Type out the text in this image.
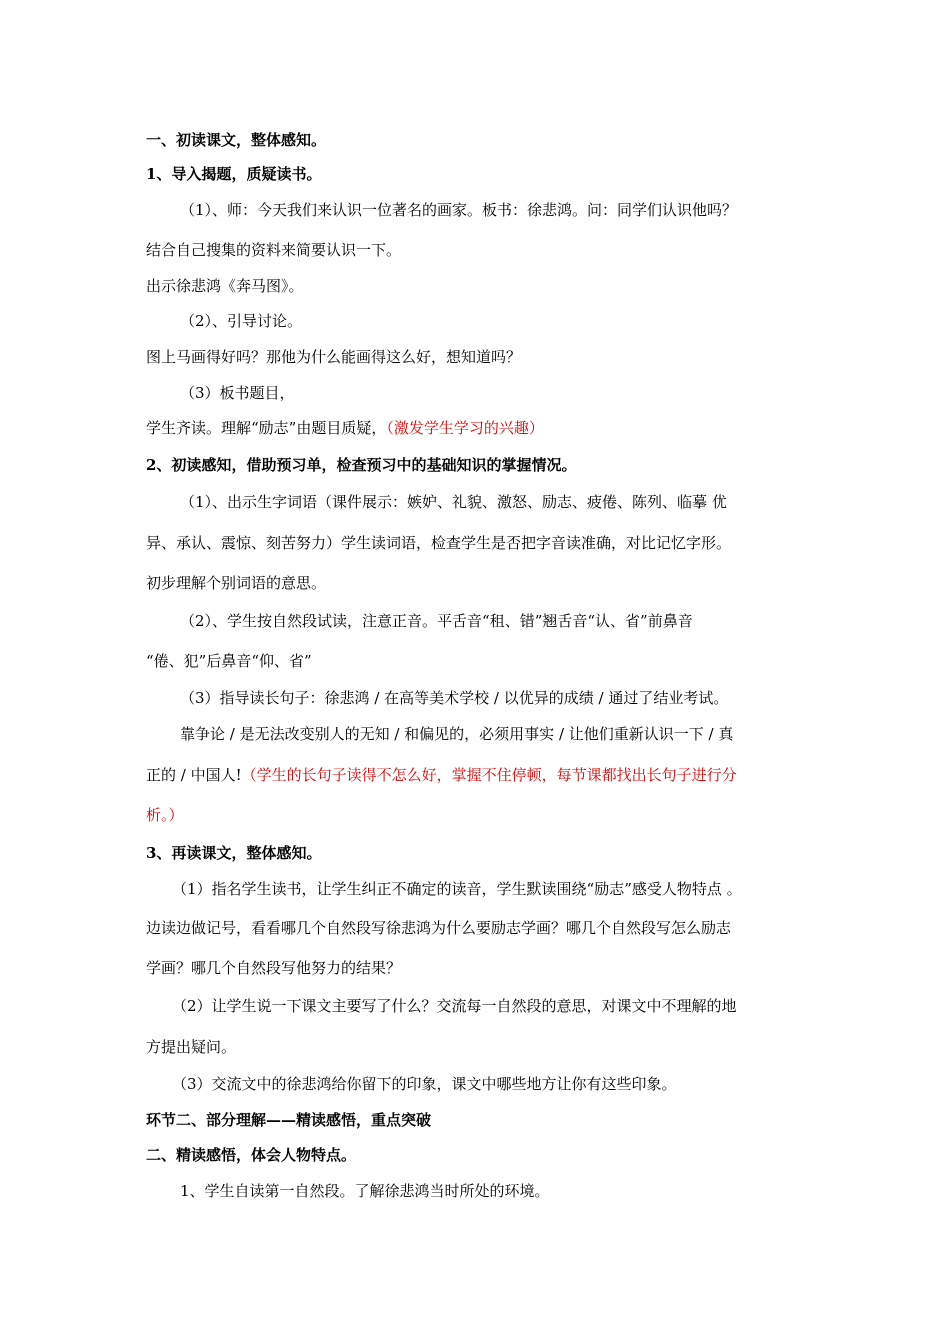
一、初读课文，整体感知。
1、导入揭题，质疑读书。
（1）、师：今天我们来认识一位著名的画家。板书：徐悲鸿。问：同学们认识他吗？
结合自己搜集的资料来简要认识一下。
出示徐悲鸿《奔马图》。
（2）、引导讨论。
图上马画得好吗？那他为什么能画得这么好，想知道吗？
（3）板书题目，
学生齐读。理解“励志”由题目质疑，（激发学生学习的兴趣）
2、初读感知，借助预习单，检查预习中的基础知识的掌握情况。
（1）、出示生字词语（课件展示：嫉妒、礼貌、激怒、励志、疲倦、陈列、临摹 优
异、承认、震惊、刻苦努力）学生读词语，检查学生是否把字音读准确，对比记忆字形。
初步理解个别词语的意思。
（2）、学生按自然段试读，注意正音。平舌音“租、错”翘舌音“认、省”前鼻音
“倦、犯”后鼻音“仰、省”
（3）指导读长句子：徐悲鸿 / 在高等美术学校 / 以优异的成绩 / 通过了结业考试。
靠争论 / 是无法改变别人的无知 / 和偏见的，必须用事实 / 让他们重新认识一下 / 真
正的 / 中国人!（学生的长句子读得不怎么好，掌握不住停顿，每节课都找出长句子进行分
析。）
3、再读课文，整体感知。
（1）指名学生读书，让学生纠正不确定的读音，学生默读围绕“励志”感受人物特点 。
边读边做记号，看看哪几个自然段写徐悲鸿为什么要励志学画？哪几个自然段写怎么励志
学画？哪几个自然段写他努力的结果？
（2）让学生说一下课文主要写了什么？交流每一自然段的意思，对课文中不理解的地
方提出疑问。
（3）交流文中的徐悲鸿给你留下的印象，课文中哪些地方让你有这些印象。
环节二、部分理解——精读感悟，重点突破
二、精读感悟，体会人物特点。
1、学生自读第一自然段。了解徐悲鸿当时所处的环境。
